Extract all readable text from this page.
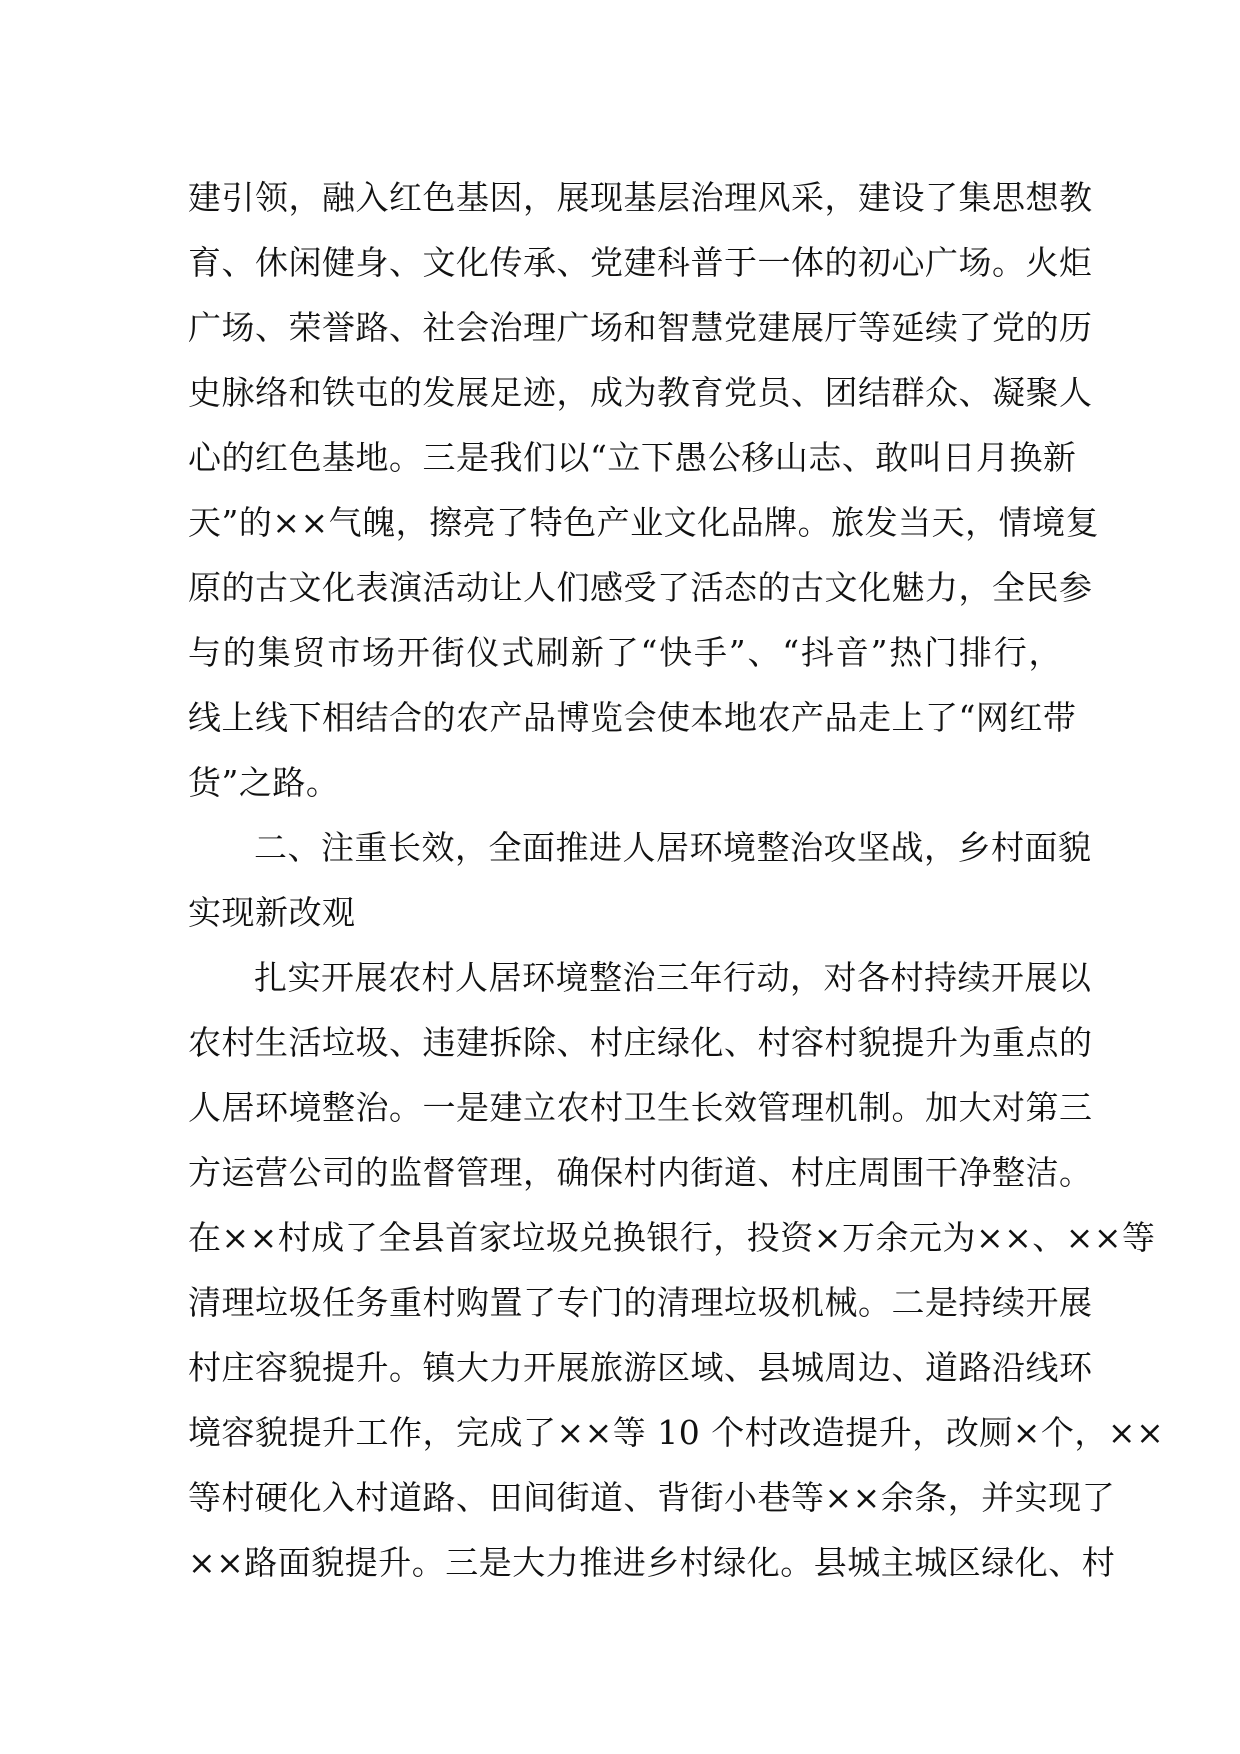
建引领，融入红色基因，展现基层治理风采，建设了集思想教
育、休闲健身、文化传承、党建科普于一体的初心广场。火炬
广场、荣誉路、社会治理广场和智慧党建展厅等延续了党的历
史脉络和铁屯的发展足迹，成为教育党员、团结群众、凝聚人
心的红色基地。三是我们以“立下愚公移山志、敢叫日月换新
天”的××气魄，擦亮了特色产业文化品牌。旅发当天，情境复
原的古文化表演活动让人们感受了活态的古文化魅力，全民参
与的集贸市场开街仪式刷新了“快手”、“抖音”热门排行，
线上线下相结合的农产品博览会使本地农产品走上了“网红带
货”之路。
二、注重长效，全面推进人居环境整治攻坚战，乡村面貌
实现新改观
扎实开展农村人居环境整治三年行动，对各村持续开展以
农村生活垃圾、违建拆除、村庄绿化、村容村貌提升为重点的
人居环境整治。一是建立农村卫生长效管理机制。加大对第三
方运营公司的监督管理，确保村内街道、村庄周围干净整洁。
在××村成了全县首家垃圾兑换银行，投资×万余元为××、××等
清理垃圾任务重村购置了专门的清理垃圾机械。二是持续开展
村庄容貌提升。镇大力开展旅游区域、县城周边、道路沿线环
境容貌提升工作，完成了××等 10 个村改造提升，改厕×个，××
等村硬化入村道路、田间街道、背街小巷等××余条，并实现了
××路面貌提升。三是大力推进乡村绿化。县城主城区绿化、村
